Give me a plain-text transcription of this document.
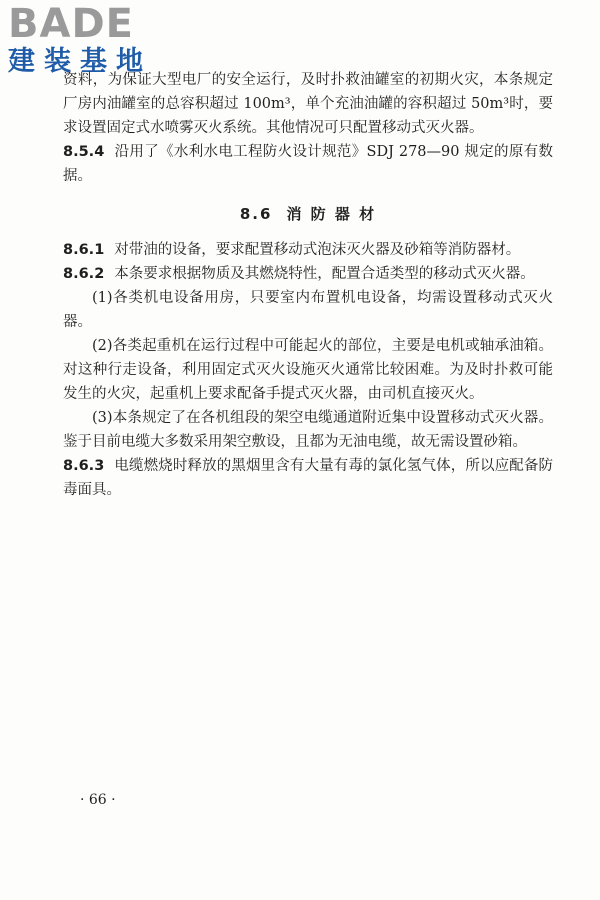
BADE
建装基地

资料，为保证大型电厂的安全运行，及时扑救油罐室的初期火灾，本条规定厂房内油罐室的总容积超过 100m³，单个充油油罐的容积超过 50m³时，要求设置固定式水喷雾灭火系统。其他情况可只配置移动式灭火器。

8.5.4 沿用了《水利水电工程防火设计规范》SDJ 278—90 规定的原有数据。

8.6 消 防 器 材

8.6.1 对带油的设备，要求配置移动式泡沫灭火器及砂箱等消防器材。

8.6.2 本条要求根据物质及其燃烧特性，配置合适类型的移动式灭火器。

(1)各类机电设备用房，只要室内布置机电设备，均需设置移动式灭火器。

(2)各类起重机在运行过程中可能起火的部位，主要是电机或轴承油箱。对这种行走设备，利用固定式灭火设施灭火通常比较困难。为及时扑救可能发生的火灾，起重机上要求配备手提式灭火器，由司机直接灭火。

(3)本条规定了在各机组段的架空电缆通道附近集中设置移动式灭火器。鉴于目前电缆大多数采用架空敷设，且都为无油电缆，故无需设置砂箱。

8.6.3 电缆燃烧时释放的黑烟里含有大量有毒的氯化氢气体，所以应配备防毒面具。

· 66 ·
